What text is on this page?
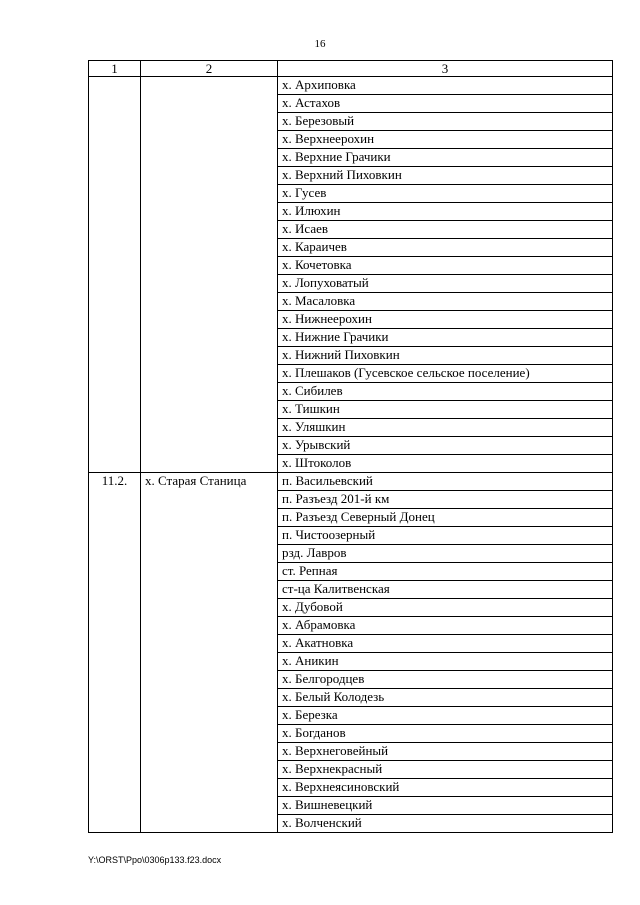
16
1	2	3
		х. Архиповка
		х. Астахов
		х. Березовый
		х. Верхнеерохин
		х. Верхние Грачики
		х. Верхний Пиховкин
		х. Гусев
		х. Илюхин
		х. Исаев
		х. Караичев
		х. Кочетовка
		х. Лопуховатый
		х. Масаловка
		х. Нижнеерохин
		х. Нижние Грачики
		х. Нижний Пиховкин
		х. Плешаков (Гусевское сельское поселение)
		х. Сибилев
		х. Тишкин
		х. Уляшкин
		х. Урывский
		х. Штоколов
11.2.	х. Старая Станица	п. Васильевский
		п. Разъезд 201-й км
		п. Разъезд Северный Донец
		п. Чистоозерный
		рзд. Лавров
		ст. Репная
		ст-ца Калитвенская
		х. Дубовой
		х. Абрамовка
		х. Акатновка
		х. Аникин
		х. Белгородцев
		х. Белый Колодезь
		х. Березка
		х. Богданов
		х. Верхнеговейный
		х. Верхнекрасный
		х. Верхнеясиновский
		х. Вишневецкий
		х. Волченский
Y:\ORST\Ppo\0306p133.f23.docx
